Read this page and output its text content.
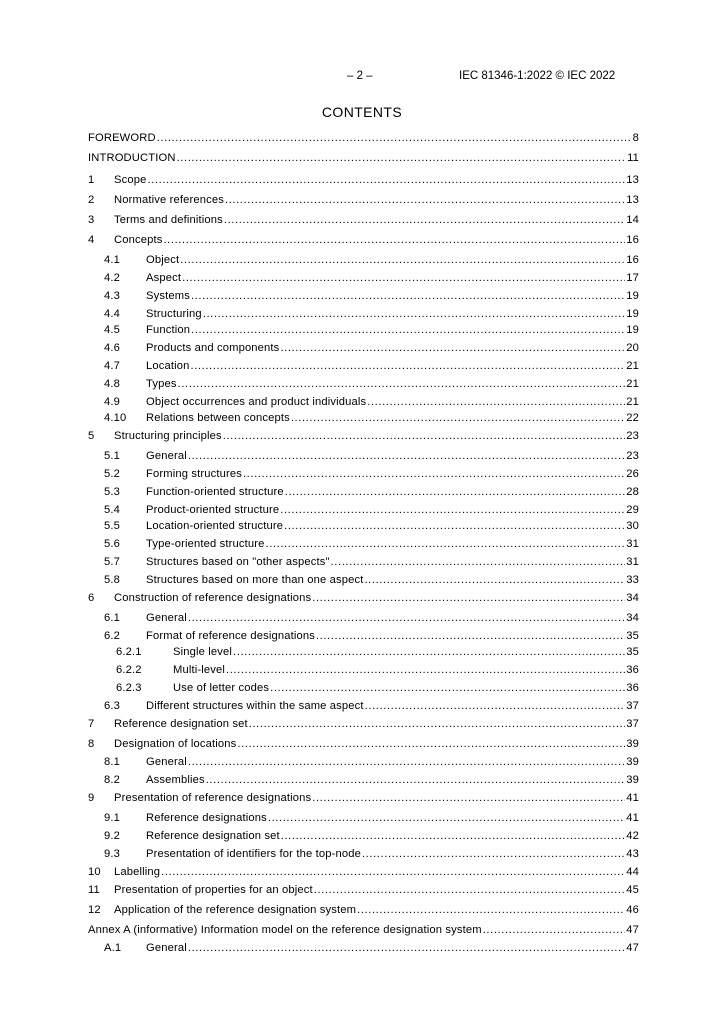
– 2 –	IEC 81346-1:2022 © IEC 2022
CONTENTS
FOREWORD .....	8
INTRODUCTION .....	11
1	Scope .....	13
2	Normative references .....	13
3	Terms and definitions .....	14
4	Concepts .....	16
4.1	Object .....	16
4.2	Aspect .....	17
4.3	Systems .....	19
4.4	Structuring .....	19
4.5	Function .....	19
4.6	Products and components .....	20
4.7	Location .....	21
4.8	Types .....	21
4.9	Object occurrences and product individuals .....	21
4.10	Relations between concepts .....	22
5	Structuring principles .....	23
5.1	General .....	23
5.2	Forming structures .....	26
5.3	Function-oriented structure .....	28
5.4	Product-oriented structure .....	29
5.5	Location-oriented structure .....	30
5.6	Type-oriented structure .....	31
5.7	Structures based on "other aspects" .....	31
5.8	Structures based on more than one aspect .....	33
6	Construction of reference designations .....	34
6.1	General .....	34
6.2	Format of reference designations .....	35
6.2.1	Single level .....	35
6.2.2	Multi-level .....	36
6.2.3	Use of letter codes .....	36
6.3	Different structures within the same aspect .....	37
7	Reference designation set .....	37
8	Designation of locations .....	39
8.1	General .....	39
8.2	Assemblies .....	39
9	Presentation of reference designations .....	41
9.1	Reference designations .....	41
9.2	Reference designation set .....	42
9.3	Presentation of identifiers for the top-node .....	43
10	Labelling .....	44
11	Presentation of properties for an object .....	45
12	Application of the reference designation system .....	46
Annex A (informative) Information model on the reference designation system .....	47
A.1	General .....	47
